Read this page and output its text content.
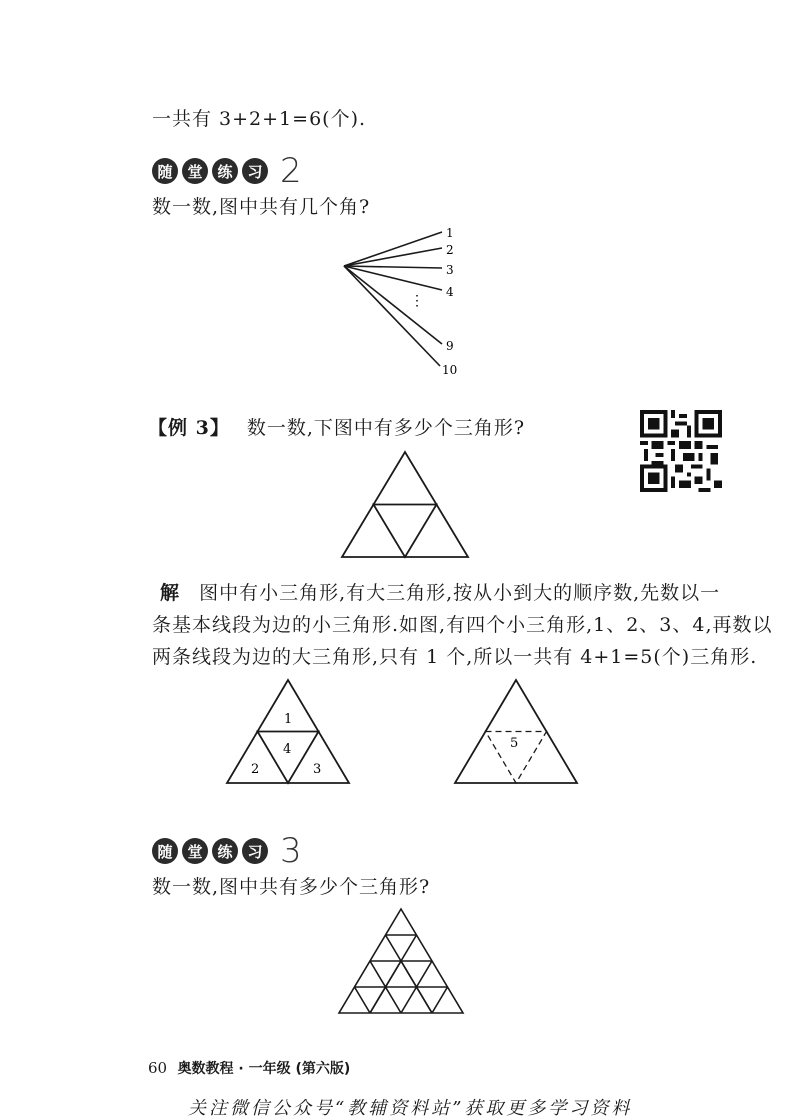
一共有 3+2+1=6(个).
随 堂 练 习 2
数一数,图中共有几个角?
1
2
3
4
⋮
9
10
【例 3】 数一数,下图中有多少个三角形?
解 图中有小三角形,有大三角形,按从小到大的顺序数,先数以一
条基本线段为边的小三角形.如图,有四个小三角形,1、2、3、4,再数以
两条线段为边的大三角形,只有 1 个,所以一共有 4+1=5(个)三角形.
1
2	3
4	5
随 堂 练 习 3
数一数,图中共有多少个三角形?
60 奥数教程 · 一年级 (第六版)
关注微信公众号“教辅资料站”获取更多学习资料
